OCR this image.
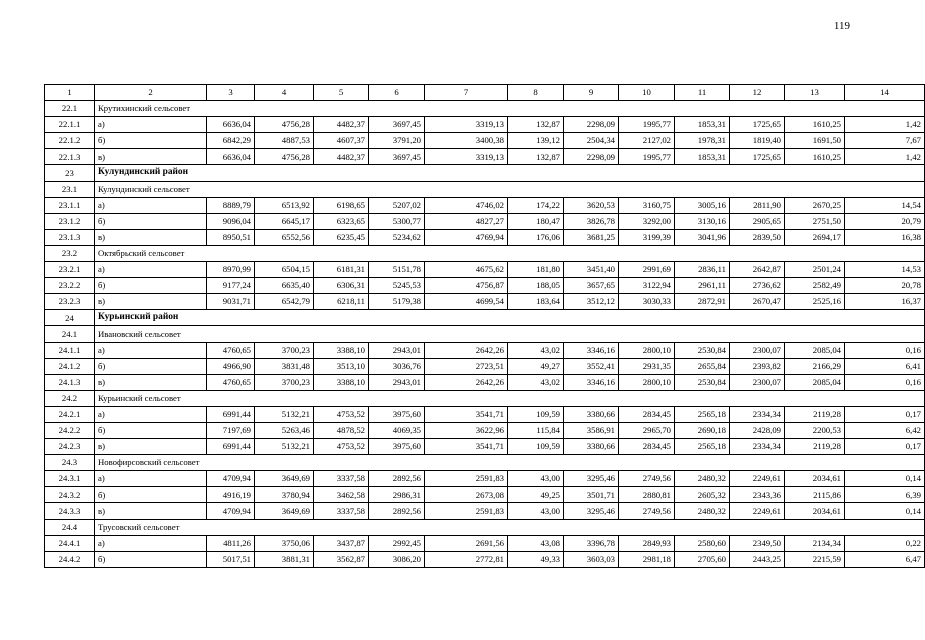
119
1	2	3	4	5	6	7	8	9	10	11	12	13	14
22.1	Крутихинский сельсовет												
22.1.1	а)	6636,04	4756,28	4482,37	3697,45	3319,13	132,87	2298,09	1995,77	1853,31	1725,65	1610,25	1,42
22.1.2	б)	6842,29	4887,53	4607,37	3791,20	3400,38	139,12	2504,34	2127,02	1978,31	1819,40	1691,50	7,67
22.1.3	в)	6636,04	4756,28	4482,37	3697,45	3319,13	132,87	2298,09	1995,77	1853,31	1725,65	1610,25	1,42
23	Кулундинский район												
23.1	Кулундинский сельсовет												
23.1.1	а)	8889,79	6513,92	6198,65	5207,02	4746,02	174,22	3620,53	3160,75	3005,16	2811,90	2670,25	14,54
23.1.2	б)	9096,04	6645,17	6323,65	5300,77	4827,27	180,47	3826,78	3292,00	3130,16	2905,65	2751,50	20,79
23.1.3	в)	8950,51	6552,56	6235,45	5234,62	4769,94	176,06	3681,25	3199,39	3041,96	2839,50	2694,17	16,38
23.2	Октябрьский сельсовет												
23.2.1	а)	8970,99	6504,15	6181,31	5151,78	4675,62	181,80	3451,40	2991,69	2836,11	2642,87	2501,24	14,53
23.2.2	б)	9177,24	6635,40	6306,31	5245,53	4756,87	188,05	3657,65	3122,94	2961,11	2736,62	2582,49	20,78
23.2.3	в)	9031,71	6542,79	6218,11	5179,38	4699,54	183,64	3512,12	3030,33	2872,91	2670,47	2525,16	16,37
24	Курьинский район												
24.1	Ивановский сельсовет												
24.1.1	а)	4760,65	3700,23	3388,10	2943,01	2642,26	43,02	3346,16	2800,10	2530,84	2300,07	2085,04	0,16
24.1.2	б)	4966,90	3831,48	3513,10	3036,76	2723,51	49,27	3552,41	2931,35	2655,84	2393,82	2166,29	6,41
24.1.3	в)	4760,65	3700,23	3388,10	2943,01	2642,26	43,02	3346,16	2800,10	2530,84	2300,07	2085,04	0,16
24.2	Курьинский сельсовет												
24.2.1	а)	6991,44	5132,21	4753,52	3975,60	3541,71	109,59	3380,66	2834,45	2565,18	2334,34	2119,28	0,17
24.2.2	б)	7197,69	5263,46	4878,52	4069,35	3622,96	115,84	3586,91	2965,70	2690,18	2428,09	2200,53	6,42
24.2.3	в)	6991,44	5132,21	4753,52	3975,60	3541,71	109,59	3380,66	2834,45	2565,18	2334,34	2119,28	0,17
24.3	Новофирсовский сельсовет												
24.3.1	а)	4709,94	3649,69	3337,58	2892,56	2591,83	43,00	3295,46	2749,56	2480,32	2249,61	2034,61	0,14
24.3.2	б)	4916,19	3780,94	3462,58	2986,31	2673,08	49,25	3501,71	2880,81	2605,32	2343,36	2115,86	6,39
24.3.3	в)	4709,94	3649,69	3337,58	2892,56	2591,83	43,00	3295,46	2749,56	2480,32	2249,61	2034,61	0,14
24.4	Трусовский сельсовет												
24.4.1	а)	4811,26	3750,06	3437,87	2992,45	2691,56	43,08	3396,78	2849,93	2580,60	2349,50	2134,34	0,22
24.4.2	б)	5017,51	3881,31	3562,87	3086,20	2772,81	49,33	3603,03	2981,18	2705,60	2443,25	2215,59	6,47
